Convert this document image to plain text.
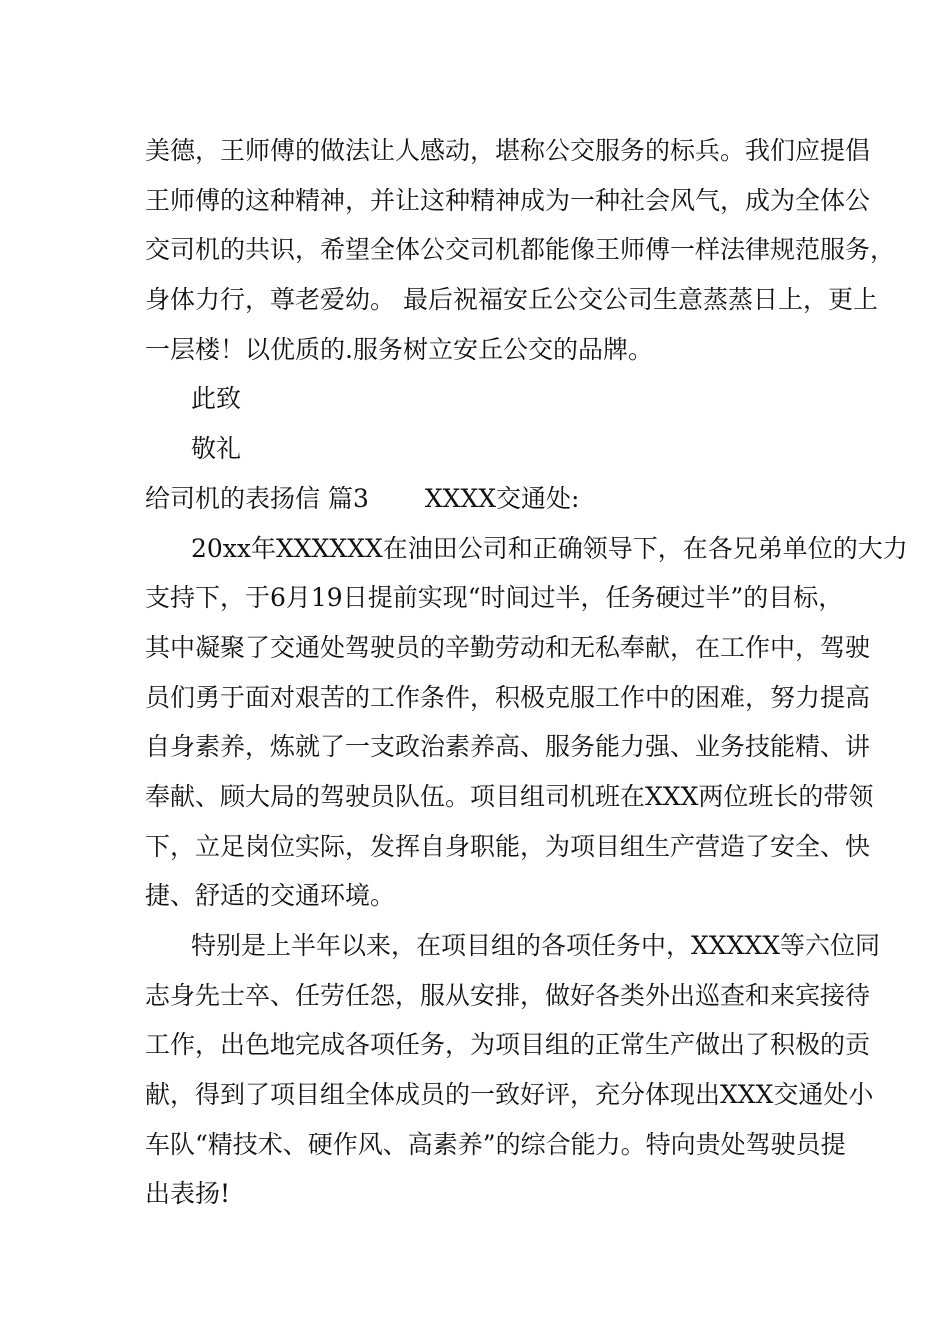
美德，王师傅的做法让人感动，堪称公交服务的标兵。我们应提倡
王师傅的这种精神，并让这种精神成为一种社会风气，成为全体公
交司机的共识，希望全体公交司机都能像王师傅一样法律规范服务，
身体力行，尊老爱幼。 最后祝福安丘公交公司生意蒸蒸日上，更上
一层楼！以优质的.服务树立安丘公交的品牌。
此致
敬礼
给司机的表扬信 篇3 XXXX交通处:
20xx年XXXXXX在油田公司和正确领导下，在各兄弟单位的大力
支持下，于6月19日提前实现“时间过半，任务硬过半”的目标，
其中凝聚了交通处驾驶员的辛勤劳动和无私奉献，在工作中，驾驶
员们勇于面对艰苦的工作条件，积极克服工作中的困难，努力提高
自身素养，炼就了一支政治素养高、服务能力强、业务技能精、讲
奉献、顾大局的驾驶员队伍。项目组司机班在XXX两位班长的带领
下，立足岗位实际，发挥自身职能，为项目组生产营造了安全、快
捷、舒适的交通环境。
特别是上半年以来，在项目组的各项任务中，XXXXX等六位同
志身先士卒、任劳任怨，服从安排，做好各类外出巡查和来宾接待
工作，出色地完成各项任务，为项目组的正常生产做出了积极的贡
献，得到了项目组全体成员的一致好评，充分体现出XXX交通处小
车队“精技术、硬作风、高素养”的综合能力。特向贵处驾驶员提
出表扬!
